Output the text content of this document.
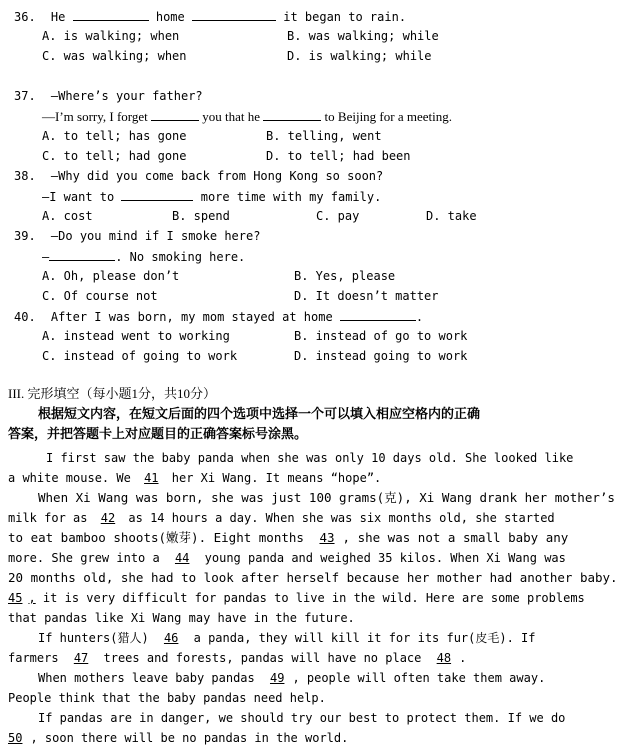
36. He	home	it began to rain.
A. is walking; when	B. was walking; while
C. was walking; when	D. is walking; while
37. —Where’s your father?
—I’m sorry, I forget	you that he	to Beijing for a meeting.
A. to tell; has gone	B. telling, went
C. to tell; had gone	D. to tell; had been
38. —Why did you come back from Hong Kong so soon?
—I want to	more time with my family.
A. cost	B. spend	C. pay	D. take
39. —Do you mind if I smoke here?
—	. No smoking here.
A. Oh, please don’t	B. Yes, please
C. Of course not	D. It doesn’t matter
40. After I was born, my mom stayed at home	.
A. instead went to working	B. instead of go to work
C. instead of going to work	D. instead going to work
III. 完形填空（每小题1分，共10分）
根据短文内容，在短文后面的四个选项中选择一个可以填入相应空格内的正确
答案，并把答题卡上对应题目的正确答案标号涂黑。
I first saw the baby panda when she was only 10 days old. She looked like
a white mouse. We 41 her Xi Wang. It means “hope”.
When Xi Wang was born, she was just 100 grams(克), Xi Wang drank her mother’s
milk for as 42 as 14 hours a day. When she was six months old, she started
to eat bamboo shoots(嫩芽). Eight months 43 , she was not a small baby any
more. She grew into a 44 young panda and weighed 35 kilos. When Xi Wang was
20 months old, she had to look after herself because her mother had another baby.
45 , it is very difficult for pandas to live in the wild. Here are some problems
that pandas like Xi Wang may have in the future.
If hunters(猎人) 46 a panda, they will kill it for its fur(皮毛). If
farmers 47 trees and forests, pandas will have no place 48 .
When mothers leave baby pandas 49 , people will often take them away.
People think that the baby pandas need help.
If pandas are in danger, we should try our best to protect them. If we do
50 , soon there will be no pandas in the world.
